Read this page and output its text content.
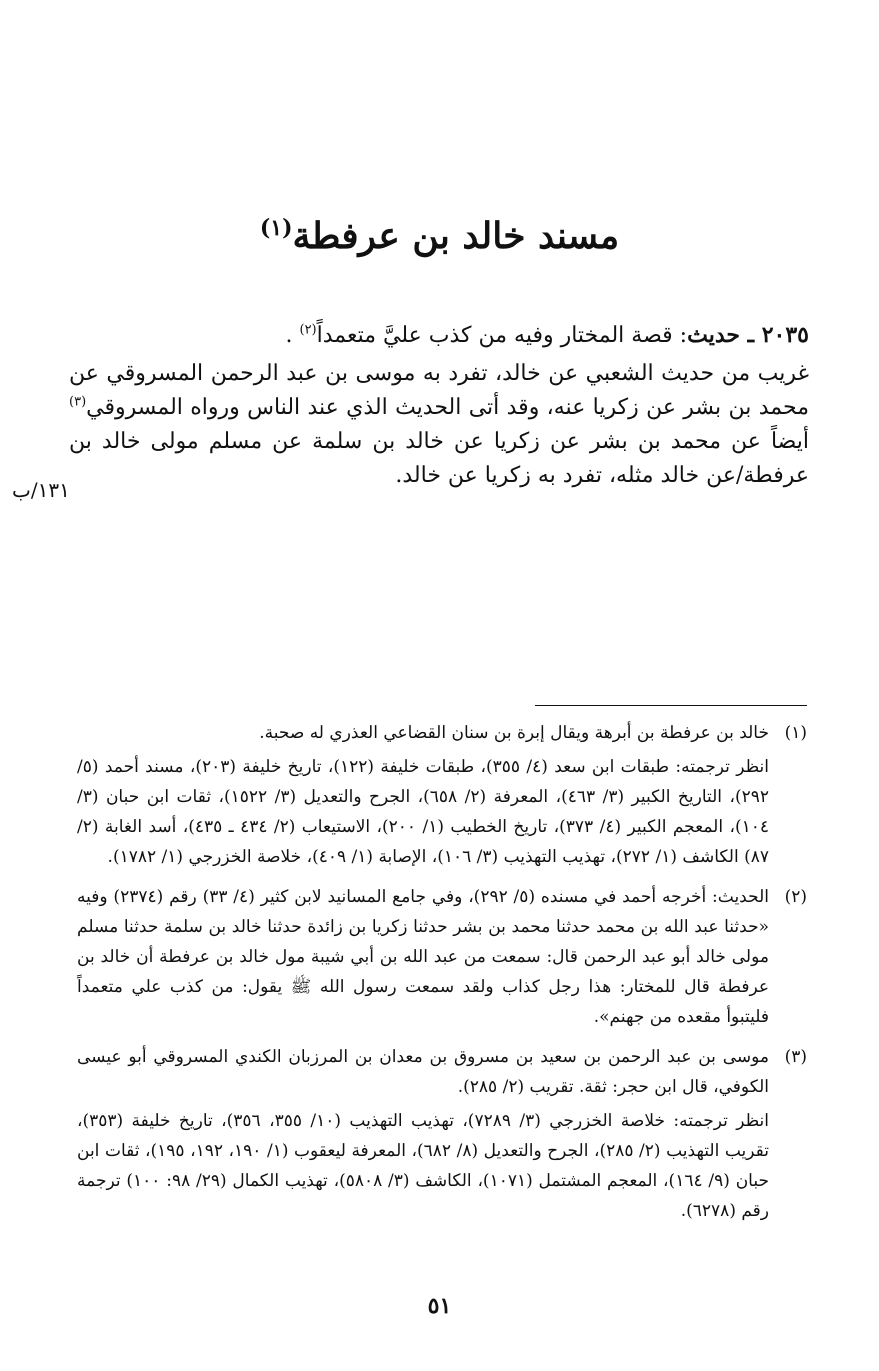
مسند خالد بن عرفطة$^{(١)}$

٢٠٣٥ ـ حديث: قصة المختار وفيه من كذب عليَّ متعمداً$^{(٢)}$ .

غريب من حديث الشعبي عن خالد، تفرد به موسى بن عبد الرحمن المسروقي عن محمد بن بشر عن زكريا عنه، وقد أتى الحديث الذي عند الناس ورواه المسروقي$^{(٣)}$ أيضاً عن محمد بن بشر عن زكريا عن خالد بن سلمة عن مسلم مولى خالد بن عرفطة/عن خالد مثله، تفرد به زكريا عن خالد.

١٣١/ب
(١)

خالد بن عرفطة بن أبرهة ويقال إبرة بن سنان القضاعي العذري له صحبة.

انظر ترجمته: طبقات ابن سعد (٤/ ٣٥٥)، طبقات خليفة (١٢٢)، تاريخ خليفة (٢٠٣)، مسند أحمد (٥/ ٢٩٢)، التاريخ الكبير (٣/ ٤٦٣)، المعرفة (٢/ ٦٥٨)، الجرح والتعديل (٣/ ١٥٢٢)، ثقات ابن حبان (٣/ ١٠٤)، المعجم الكبير (٤/ ٣٧٣)، تاريخ الخطيب (١/ ٢٠٠)، الاستيعاب (٢/ ٤٣٤ ـ ٤٣٥)، أسد الغابة (٢/ ٨٧) الكاشف (١/ ٢٧٢)، تهذيب التهذيب (٣/ ١٠٦)، الإصابة (١/ ٤٠٩)، خلاصة الخزرجي (١/ ١٧٨٢).

(٢)

الحديث: أخرجه أحمد في مسنده (٥/ ٢٩٢)، وفي جامع المسانيد لابن كثير (٤/ ٣٣) رقم (٢٣٧٤) وفيه «حدثنا عبد الله بن محمد حدثنا محمد بن بشر حدثنا زكريا بن زائدة حدثنا خالد بن سلمة حدثنا مسلم مولى خالد أبو عبد الرحمن قال: سمعت من عبد الله بن أبي شيبة مول خالد بن عرفطة أن خالد بن عرفطة قال للمختار: هذا رجل كذاب ولقد سمعت رسول الله ﷺ يقول: من كذب علي متعمداً فليتبوأ مقعده من جهنم».

(٣)

موسى بن عبد الرحمن بن سعيد بن مسروق بن معدان بن المرزبان الكندي المسروقي أبو عيسى الكوفي، قال ابن حجر: ثقة. تقريب (٢/ ٢٨٥).

انظر ترجمته: خلاصة الخزرجي (٣/ ٧٢٨٩)، تهذيب التهذيب (١٠/ ٣٥٥، ٣٥٦)، تاريخ خليفة (٣٥٣)، تقريب التهذيب (٢/ ٢٨٥)، الجرح والتعديل (٨/ ٦٨٢)، المعرفة ليعقوب (١/ ١٩٠، ١٩٢، ١٩٥)، ثقات ابن حبان (٩/ ١٦٤)، المعجم المشتمل (١٠٧١)، الكاشف (٣/ ٥٨٠٨)، تهذيب الكمال (٢٩/ ٩٨: ١٠٠) ترجمة رقم (٦٢٧٨).

٥١
